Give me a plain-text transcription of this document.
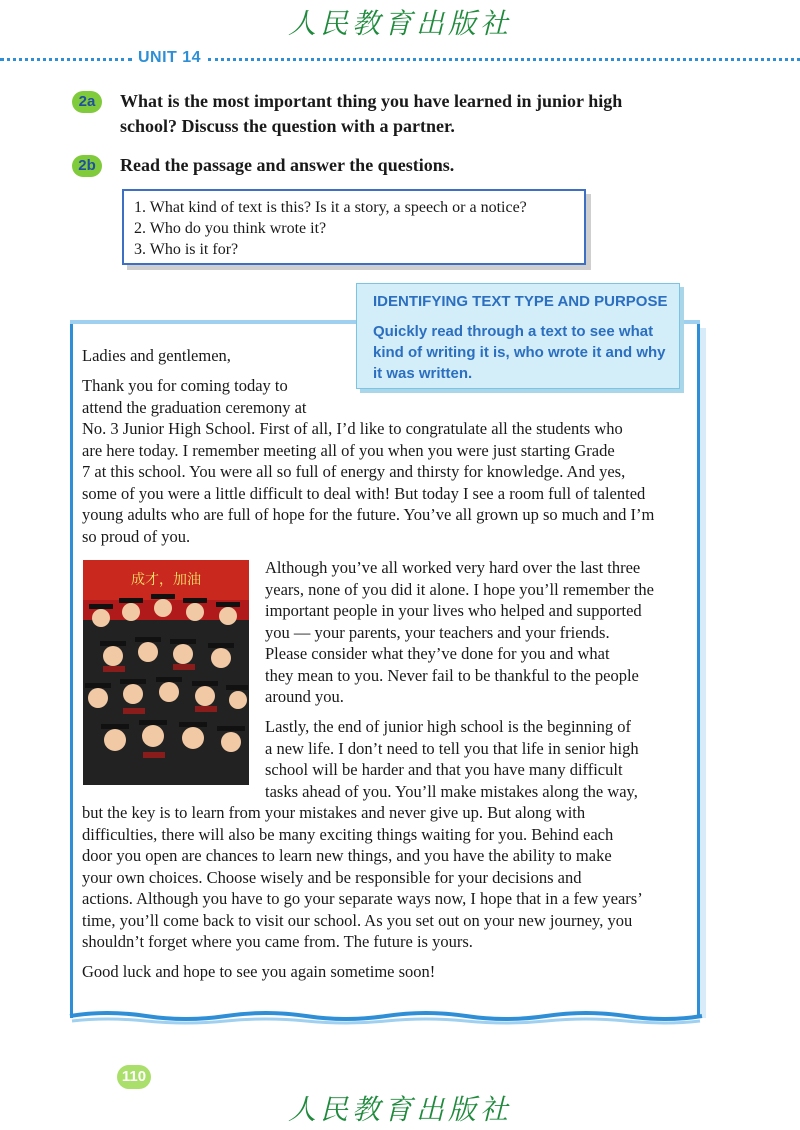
人民教育出版社
UNIT 14
2a	What is the most important thing you have learned in junior high school? Discuss the question with a partner.
2b	Read the passage and answer the questions.
1. What kind of text is this? Is it a story, a speech or a notice?
2. Who do you think wrote it?
3. Who is it for?
IDENTIFYING TEXT TYPE AND PURPOSE
Quickly read through a text to see what kind of writing it is, who wrote it and why it was written.
Ladies and gentlemen,
Thank you for coming today to
attend the graduation ceremony at
No. 3 Junior High School. First of all, I’d like to congratulate all the students who
are here today. I remember meeting all of you when you were just starting Grade
7 at this school. You were all so full of energy and thirsty for knowledge. And yes,
some of you were a little difficult to deal with! But today I see a room full of talented
young adults who are full of hope for the future. You’ve all grown up so much and I’m
so proud of you.
成才，加油
Although you’ve all worked very hard over the last three
years, none of you did it alone. I hope you’ll remember the
important people in your lives who helped and supported
you — your parents, your teachers and your friends.
Please consider what they’ve done for you and what
they mean to you. Never fail to be thankful to the people
around you.
Lastly, the end of junior high school is the beginning of
a new life. I don’t need to tell you that life in senior high
school will be harder and that you have many difficult
tasks ahead of you. You’ll make mistakes along the way,
but the key is to learn from your mistakes and never give up. But along with
difficulties, there will also be many exciting things waiting for you. Behind each
door you open are chances to learn new things, and you have the ability to make
your own choices. Choose wisely and be responsible for your decisions and
actions. Although you have to go your separate ways now, I hope that in a few years’
time, you’ll come back to visit our school. As you set out on your new journey, you
shouldn’t forget where you came from. The future is yours.
Good luck and hope to see you again sometime soon!
110
人民教育出版社
